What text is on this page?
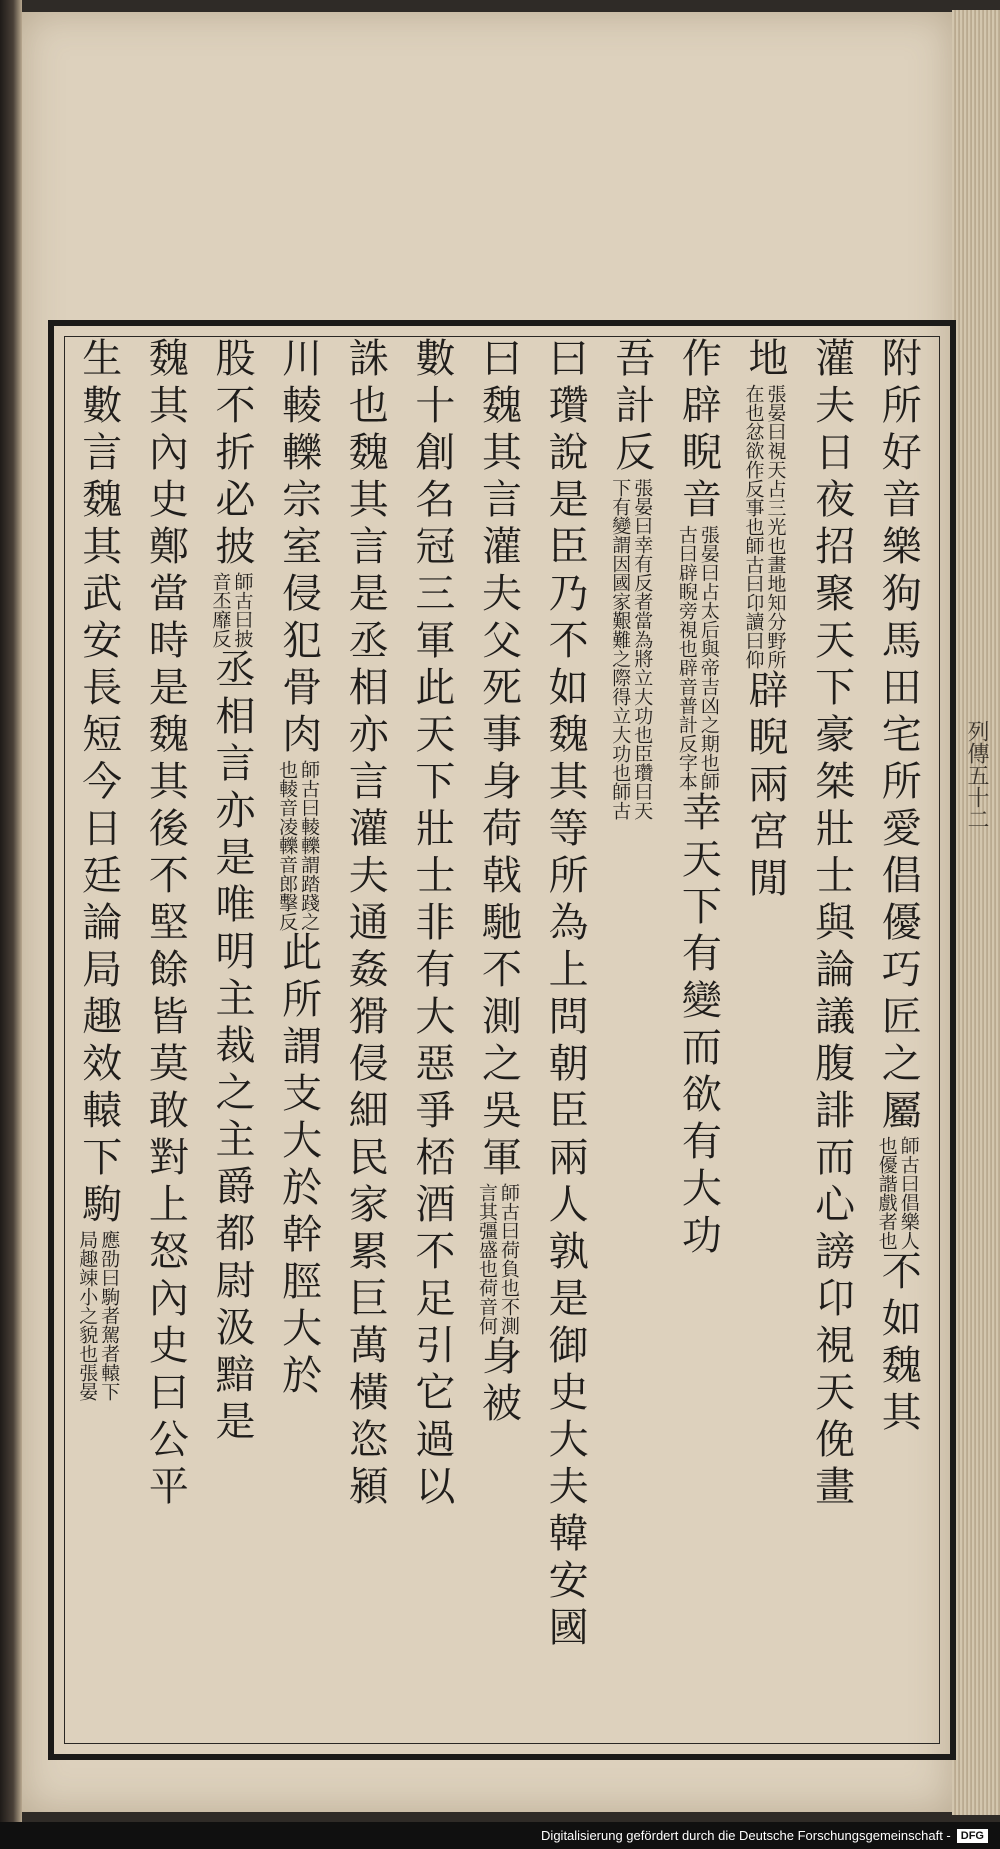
列傳五十二
附所好音樂狗馬田宅所愛倡優巧匠之屬
師古曰倡樂人
也優諧戲者也
不如魏其
灌夫日夜招聚天下豪桀壯士與論議腹誹而心謗卬視天俛畫
地
張晏曰視天占三光也畫地知分野所
在也忿欲作反事也師古曰卬讀曰仰
辟睨兩宮閒
作辟睨音
張晏曰占太后與帝吉凶之期也師
古曰辟睨旁視也辟音普計反字本
幸天下有變而欲有大功
吾計反
張晏曰幸有反者當為將立大功也臣瓚曰天
下有變謂因國家艱難之際得立大功也師古
曰瓚說是
臣乃不如魏其等所為上問朝臣兩人孰是御史大夫韓安國
曰魏其言灌夫父死事身荷戟馳不測之吳軍
師古曰荷負也不測
言其彊盛也荷音何
身被
數十創名冠三軍此天下壯士非有大惡爭桮酒不足引它過以
誅也魏其言是丞相亦言灌夫通姦猾侵細民家累巨萬橫恣潁
川輘轢宗室侵犯骨肉
師古曰輘轢謂踏踐之
也輘音凌轢音郎擊反
此所謂支大於幹脛大於
股不折必披
師古曰披
音丕靡反
丞相言亦是唯明主裁之主爵都尉汲黯是
魏其內史鄭當時是魏其後不堅餘皆莫敢對上怒內史曰公平
生數言魏其武安長短今日廷論局趣效轅下駒
應劭曰駒者駕者轅下
局趣竦小之貌也張晏
Digitalisierung gefördert durch die Deutsche Forschungsgemeinschaft - DFG
